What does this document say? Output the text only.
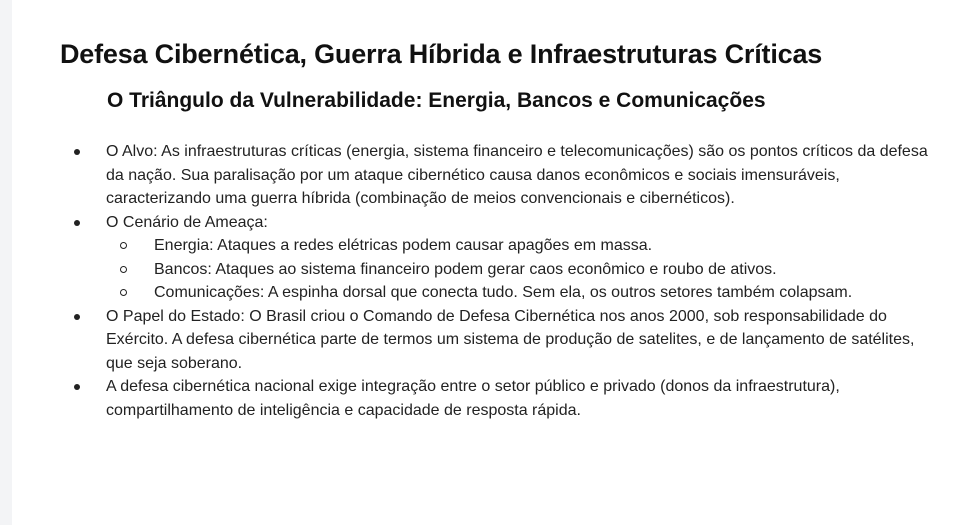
Defesa Cibernética, Guerra Híbrida e Infraestruturas Críticas
O Triângulo da Vulnerabilidade: Energia, Bancos e Comunicações
O Alvo: As infraestruturas críticas (energia, sistema financeiro e telecomunicações) são os pontos críticos da defesa da nação. Sua paralisação por um ataque cibernético causa danos econômicos e sociais imensuráveis, caracterizando uma guerra híbrida (combinação de meios convencionais e cibernéticos).
O Cenário de Ameaça:
Energia: Ataques a redes elétricas podem causar apagões em massa.
Bancos: Ataques ao sistema financeiro podem gerar caos econômico e roubo de ativos.
Comunicações: A espinha dorsal que conecta tudo. Sem ela, os outros setores também colapsam.
O Papel do Estado: O Brasil criou o Comando de Defesa Cibernética nos anos 2000, sob responsabilidade do Exército. A defesa cibernética parte de termos um sistema de produção de satelites, e de lançamento de satélites, que seja soberano.
A defesa cibernética nacional exige integração entre o setor público e privado (donos da infraestrutura), compartilhamento de inteligência e capacidade de resposta rápida.
